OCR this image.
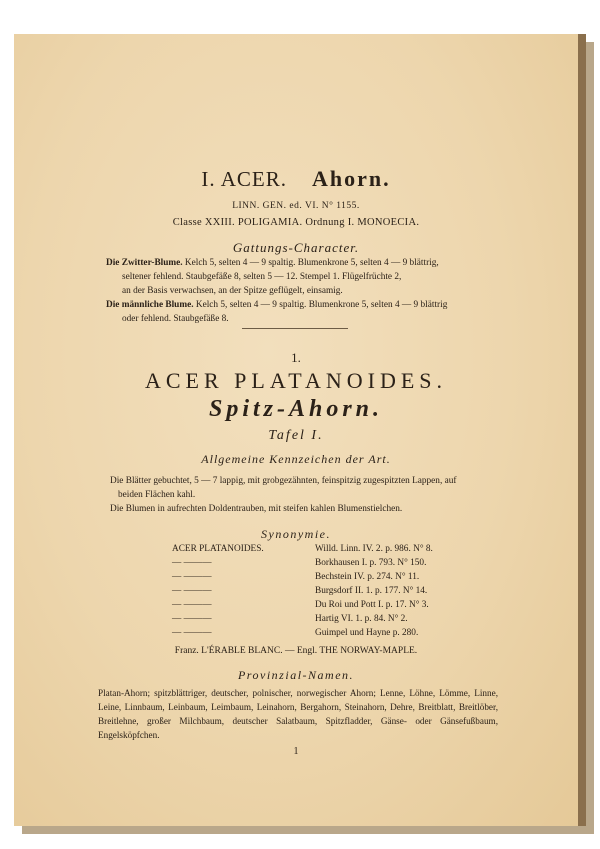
I. ACER. Ahorn.
LINN. GEN. ed. VI. N° 1155.
Classe XXIII. POLIGAMIA. Ordnung I. MONOECIA.
Gattungs-Character.
Die Zwitter-Blume. Kelch 5, selten 4 — 9 spaltig. Blumenkrone 5, selten 4 — 9 blättrig,
seltener fehlend. Staubgefäße 8, selten 5 — 12. Stempel 1. Flügelfrüchte 2,
an der Basis verwachsen, an der Spitze geflügelt, einsamig.
Die männliche Blume. Kelch 5, selten 4 — 9 spaltig. Blumenkrone 5, selten 4 — 9 blättrig
oder fehlend. Staubgefäße 8.
1.
ACER PLATANOIDES.
Spitz-Ahorn.
Tafel I.
Allgemeine Kennzeichen der Art.
Die Blätter gebuchtet, 5 — 7 lappig, mit grobgezähnten, feinspitzig zugespitzten Lappen, auf
beiden Flächen kahl.
Die Blumen in aufrechten Doldentrauben, mit steifen kahlen Blumenstielchen.
Synonymie.
ACER PLATANOIDES.	Willd. Linn. IV. 2. p. 986. N° 8.
— ———	Borkhausen I. p. 793. N° 150.
— ———	Bechstein IV. p. 274. N° 11.
— ———	Burgsdorf II. 1. p. 177. N° 14.
— ———	Du Roi und Pott I. p. 17. N° 3.
— ———	Hartig VI. 1. p. 84. N° 2.
— ———	Guimpel und Hayne p. 280.
Franz. L'ÉRABLE BLANC. — Engl. THE NORWAY-MAPLE.
Provinzial-Namen.
Platan-Ahorn; spitzblättriger, deutscher, polnischer, norwegischer Ahorn; Lenne, Löhne, Lömme, Linne, Leine, Linnbaum, Leinbaum, Leimbaum, Leinahorn, Bergahorn, Steinahorn, Dehre, Breitblatt, Breitlöber, Breitlehne, großer Milchbaum, deutscher Salatbaum, Spitzfladder, Gänse- oder Gänsefußbaum, Engelsköpfchen.
1
